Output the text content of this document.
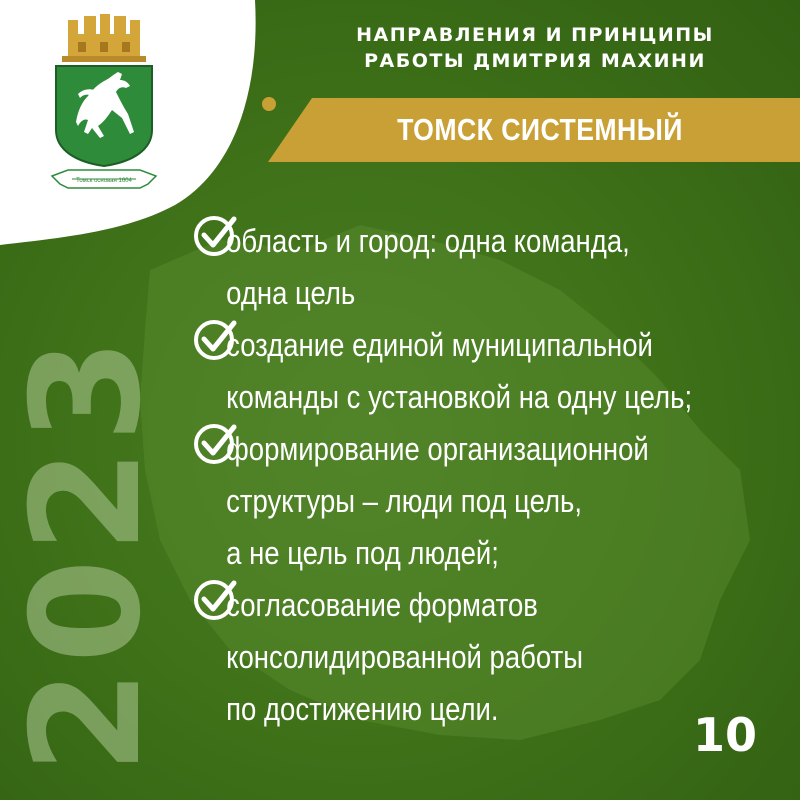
Томск основан 1604
НАПРАВЛЕНИЯ И ПРИНЦИПЫ
РАБОТЫ ДМИТРИЯ МАХИНИ
ТОМСК СИСТЕМНЫЙ
2023
область и город: одна команда,
одна цель
создание единой муниципальной
команды с установкой на одну цель;
формирование организационной
структуры – люди под цель,
а не цель под людей;
согласование форматов
консолидированной работы
по достижению цели.	10
